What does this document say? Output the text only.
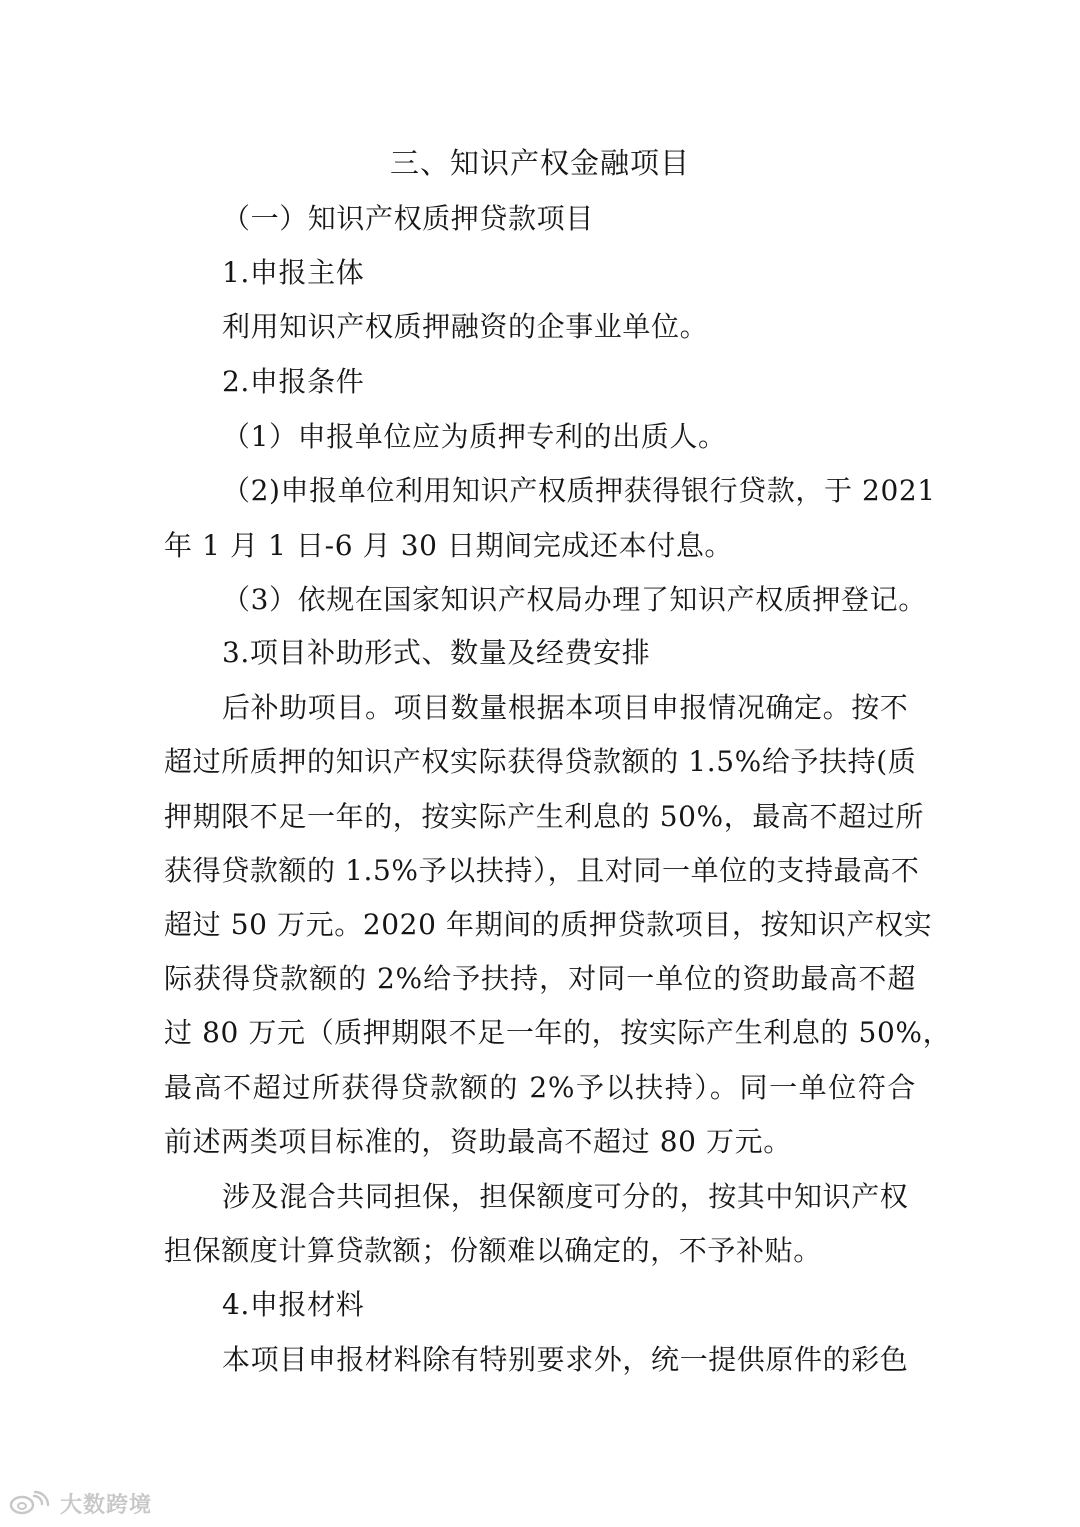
三、知识产权金融项目
（一）知识产权质押贷款项目
1.申报主体
利用知识产权质押融资的企事业单位。
2.申报条件
（1）申报单位应为质押专利的出质人。
（2)申报单位利用知识产权质押获得银行贷款，于 2021
年 1 月 1 日-6 月 30 日期间完成还本付息。
（3）依规在国家知识产权局办理了知识产权质押登记。
3.项目补助形式、数量及经费安排
后补助项目。项目数量根据本项目申报情况确定。按不
超过所质押的知识产权实际获得贷款额的 1.5%给予扶持(质
押期限不足一年的，按实际产生利息的 50%，最高不超过所
获得贷款额的 1.5%予以扶持），且对同一单位的支持最高不
超过 50 万元。2020 年期间的质押贷款项目，按知识产权实
际获得贷款额的 2%给予扶持，对同一单位的资助最高不超
过 80 万元（质押期限不足一年的，按实际产生利息的 50%，
最高不超过所获得贷款额的 2%予以扶持）。同一单位符合
前述两类项目标准的，资助最高不超过 80 万元。
涉及混合共同担保，担保额度可分的，按其中知识产权
担保额度计算贷款额；份额难以确定的，不予补贴。
4.申报材料
本项目申报材料除有特别要求外，统一提供原件的彩色
大数跨境
